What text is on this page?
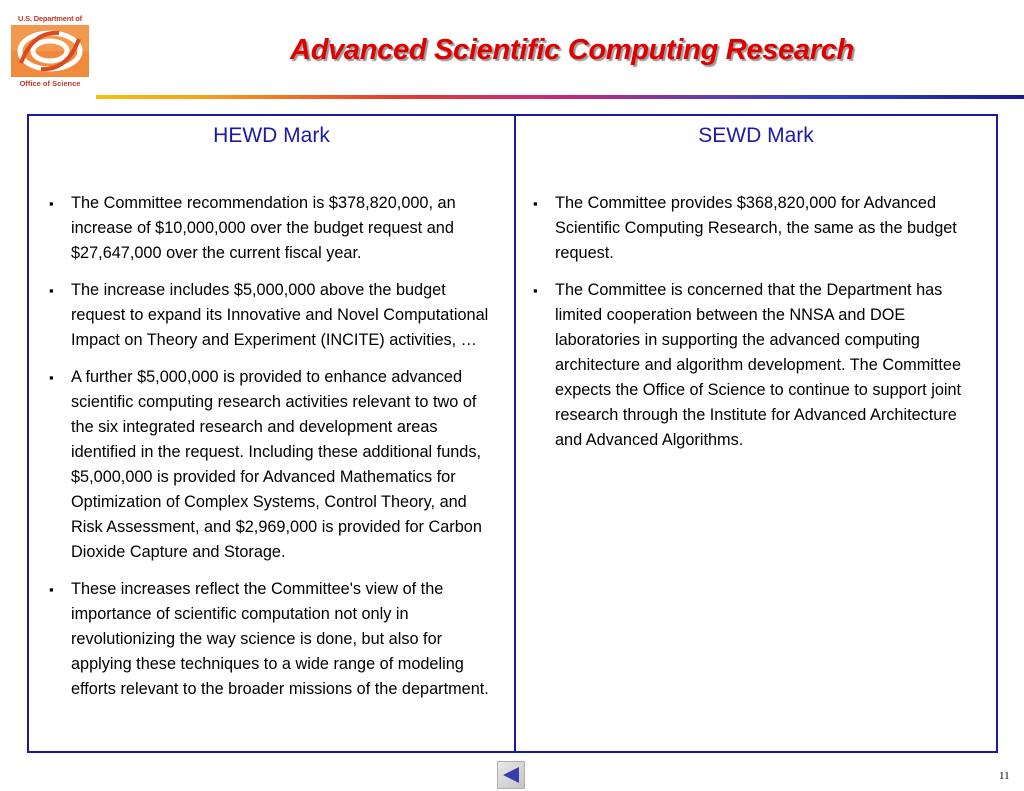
U.S. Department of
Office of Science
Advanced Scientific Computing Research
HEWD Mark
▪ The Committee recommendation is $378,820,000, an increase of $10,000,000 over the budget request and $27,647,000 over the current fiscal year.
▪ The increase includes $5,000,000 above the budget request to expand its Innovative and Novel Computational Impact on Theory and Experiment (INCITE) activities, …
▪ A further $5,000,000 is provided to enhance advanced scientific computing research activities relevant to two of the six integrated research and development areas identified in the request. Including these additional funds, $5,000,000 is provided for Advanced Mathematics for Optimization of Complex Systems, Control Theory, and Risk Assessment, and $2,969,000 is provided for Carbon Dioxide Capture and Storage.
▪ These increases reflect the Committee's view of the importance of scientific computation not only in revolutionizing the way science is done, but also for applying these techniques to a wide range of modeling efforts relevant to the broader missions of the department.
SEWD Mark
▪ The Committee provides $368,820,000 for Advanced Scientific Computing Research, the same as the budget request.
▪ The Committee is concerned that the Department has limited cooperation between the NNSA and DOE laboratories in supporting the advanced computing architecture and algorithm development. The Committee expects the Office of Science to continue to support joint research through the Institute for Advanced Architecture and Advanced Algorithms.
11
